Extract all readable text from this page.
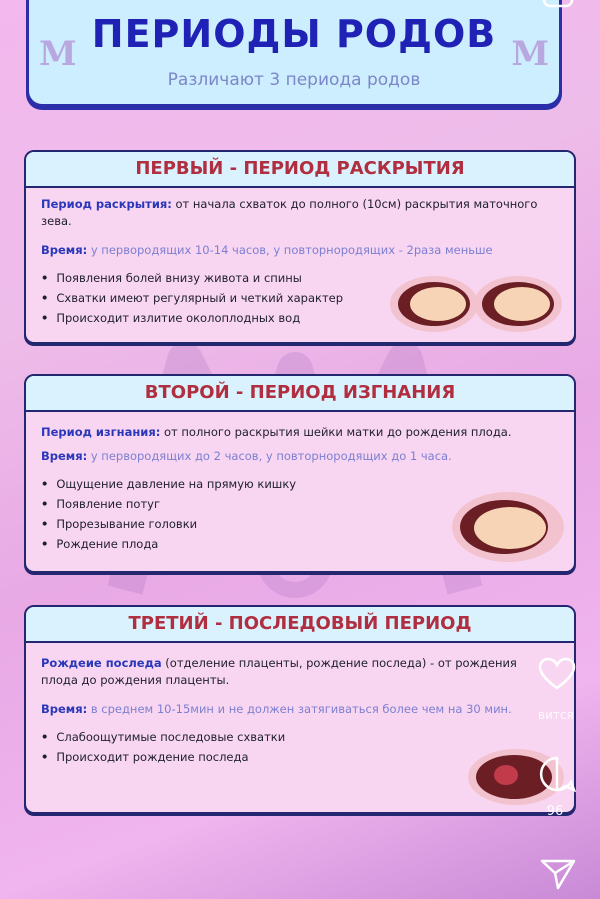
M ПЕРИОДЫ РОДОВ
Различают 3 периода родов
M
ПЕРВЫЙ - ПЕРИОД РАСКРЫТИЯ
Период раскрытия: от начала схваток до полного (10см) раскрытия маточного зева.
Время: у первородящих 10-14 часов, у повторнородящих - 2раза меньше
• Появления болей внизу живота и спины
• Схватки имеют регулярный и четкий характер
• Происходит излитие околоплодных вод
ВТОРОЙ - ПЕРИОД ИЗГНАНИЯ
Период изгнания: от полного раскрытия шейки матки до рождения плода.
Время: у первородящих до 2 часов, у повторнородящих до 1 часа.
• Ощущение давление на прямую кишку
• Появление потуг
• Прорезывание головки
• Рождение плода
ТРЕТИЙ - ПОСЛЕДОВЫЙ ПЕРИОД
Рождеие последа (отделение плаценты, рождение последа) - от рождения плода до рождения плаценты.
Время: в среднем 10-15мин и не должен затягиваться более чем на 30 мин.
• Слабоощутимые последовые схватки
• Происходит рождение последа
вится
96
